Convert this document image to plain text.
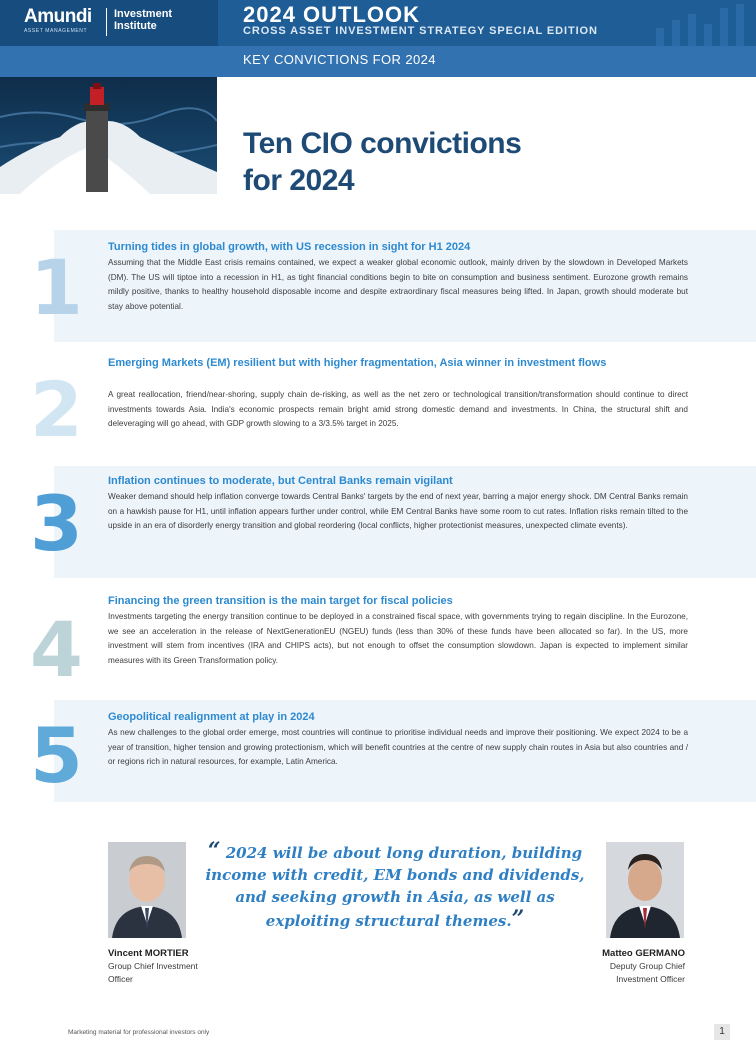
Amundi
ASSET MANAGEMENT
Investment
Institute	2024 OUTLOOK
CROSS ASSET INVESTMENT STRATEGY SPECIAL EDITION
KEY CONVICTIONS FOR 2024
Ten CIO convictions
for 2024
1 Turning tides in global growth, with US recession in sight for H1 2024
Assuming that the Middle East crisis remains contained, we expect a weaker global economic outlook, mainly driven by the slowdown in Developed Markets (DM). The US will tiptoe into a recession in H1, as tight financial conditions begin to bite on consumption and business sentiment. Eurozone growth remains mildly positive, thanks to healthy household disposable income and despite extraordinary fiscal measures being lifted. In Japan, growth should moderate but stay above potential.
2
Emerging Markets (EM) resilient but with higher fragmentation, Asia winner in investment flows
A great reallocation, friend/near-shoring, supply chain de-risking, as well as the net zero or technological transition/transformation should continue to direct investments towards Asia. India's economic prospects remain bright amid strong domestic demand and investments. In China, the structural shift and deleveraging will go ahead, with GDP growth slowing to a 3/3.5% target in 2025.
3 Inflation continues to moderate, but Central Banks remain vigilant
Weaker demand should help inflation converge towards Central Banks' targets by the end of next year, barring a major energy shock. DM Central Banks remain on a hawkish pause for H1, until inflation appears further under control, while EM Central Banks have some room to cut rates. Inflation risks remain tilted to the upside in an era of disorderly energy transition and global reordering (local conflicts, higher protectionist measures, unexpected climate events).
4
Financing the green transition is the main target for fiscal policies
Investments targeting the energy transition continue to be deployed in a constrained fiscal space, with governments trying to regain discipline. In the Eurozone, we see an acceleration in the release of NextGenerationEU (NGEU) funds (less than 30% of these funds have been allocated so far). In the US, more investment will stem from incentives (IRA and CHIPS acts), but not enough to offset the consumption slowdown. Japan is expected to implement similar measures with its Green Transformation policy.
5 Geopolitical realignment at play in 2024
As new challenges to the global order emerge, most countries will continue to prioritise individual needs and improve their positioning. We expect 2024 to be a year of transition, higher tension and growing protectionism, which will benefit countries at the centre of new supply chain routes in Asia but also countries and / or regions rich in natural resources, for example, Latin America.
Vincent MORTIER
Group Chief Investment
Officer
“ 2024 will be about long duration, building income with credit, EM bonds and dividends, and seeking growth in Asia, as well as exploiting structural themes.”
Matteo GERMANO
Deputy Group Chief
Investment Officer
Marketing material for professional investors only	1
